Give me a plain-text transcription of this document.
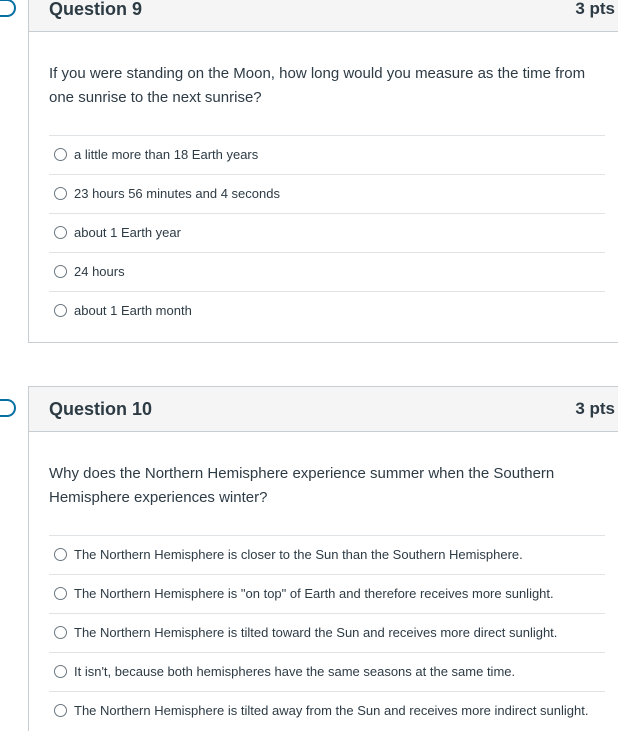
Question 9	3 pts

If you were standing on the Moon, how long would you measure as the time from one sunrise to the next sunrise?

a little more than 18 Earth years
23 hours 56 minutes and 4 seconds
about 1 Earth year
24 hours
about 1 Earth month
Question 10	3 pts

Why does the Northern Hemisphere experience summer when the Southern Hemisphere experiences winter?

The Northern Hemisphere is closer to the Sun than the Southern Hemisphere.
The Northern Hemisphere is "on top" of Earth and therefore receives more sunlight.
The Northern Hemisphere is tilted toward the Sun and receives more direct sunlight.
It isn't, because both hemispheres have the same seasons at the same time.
The Northern Hemisphere is tilted away from the Sun and receives more indirect sunlight.
